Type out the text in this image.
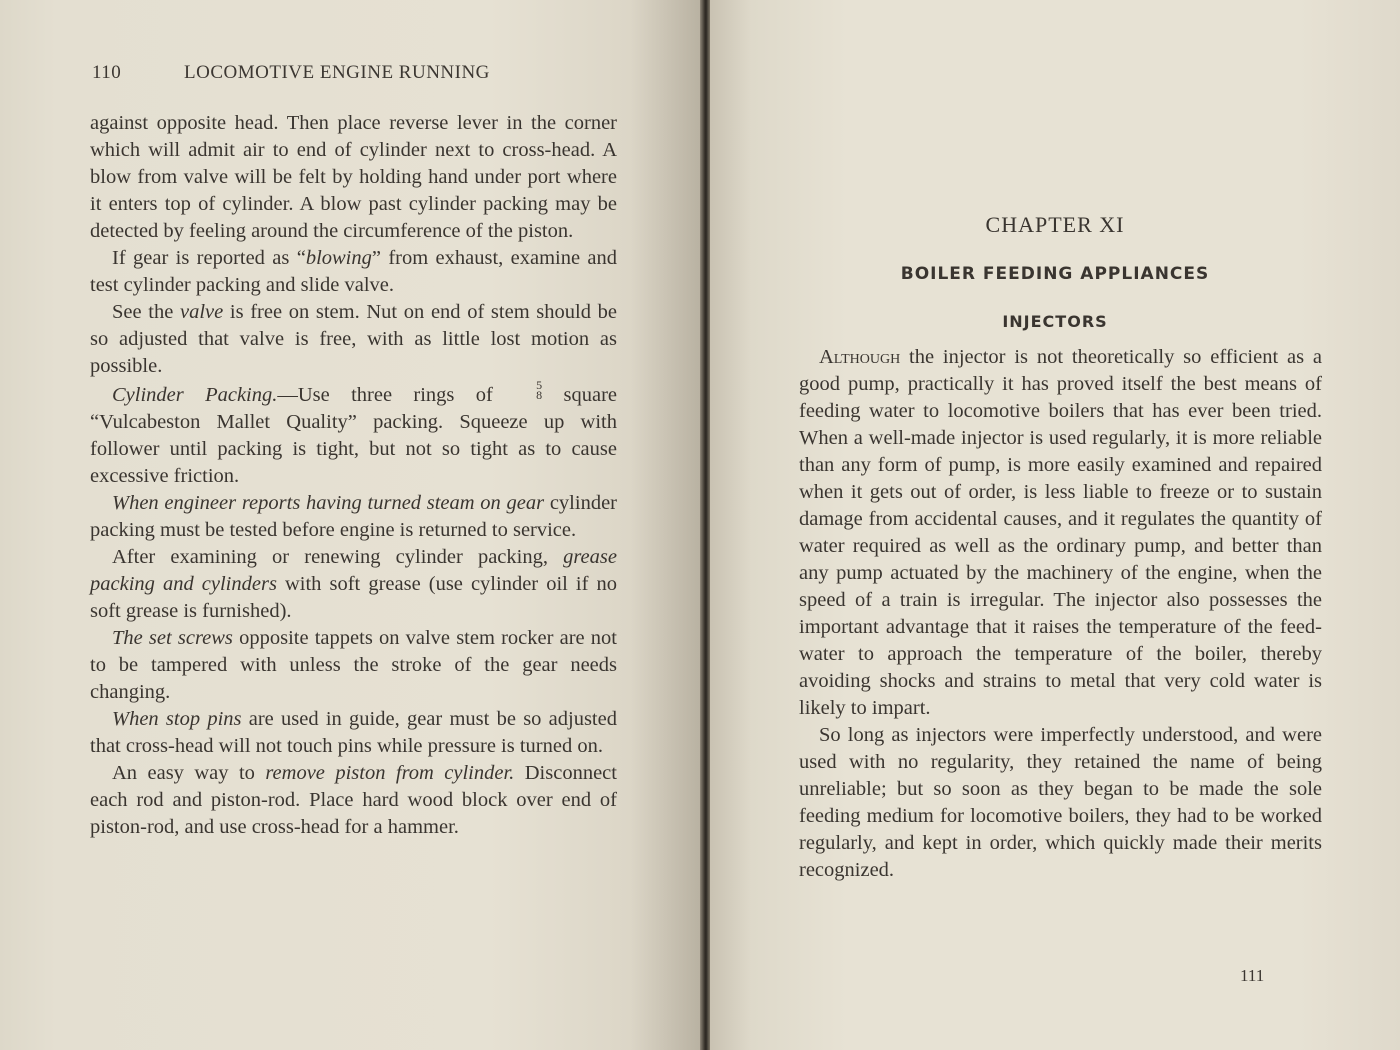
110	LOCOMOTIVE ENGINE RUNNING

against opposite head. Then place reverse lever in the corner which will admit air to end of cylinder next to cross-head. A blow from valve will be felt by holding hand under port where it enters top of cylinder. A blow past cylinder packing may be detected by feeling around the circumference of the piston.

If gear is reported as “blowing” from exhaust, examine and test cylinder packing and slide valve.

See the valve is free on stem. Nut on end of stem should be so adjusted that valve is free, with as little lost motion as possible.

Cylinder Packing.—Use three rings of	5
8 square “Vulcabeston Mallet Quality” packing. Squeeze up with follower until packing is tight, but not so tight as to cause excessive friction.

When engineer reports having turned steam on gear cylinder packing must be tested before engine is returned to service.

After examining or renewing cylinder packing, grease packing and cylinders with soft grease (use cylinder oil if no soft grease is furnished).

The set screws opposite tappets on valve stem rocker are not to be tampered with unless the stroke of the gear needs changing.

When stop pins are used in guide, gear must be so adjusted that cross-head will not touch pins while pressure is turned on.

An easy way to remove piston from cylinder. Disconnect each rod and piston-rod. Place hard wood block over end of piston-rod, and use cross-head for a hammer.

CHAPTER XI
BOILER FEEDING APPLIANCES
INJECTORS

Although the injector is not theoretically so efficient as a good pump, practically it has proved itself the best means of feeding water to locomotive boilers that has ever been tried. When a well-made injector is used regularly, it is more reliable than any form of pump, is more easily examined and repaired when it gets out of order, is less liable to freeze or to sustain damage from accidental causes, and it regulates the quantity of water required as well as the ordinary pump, and better than any pump actuated by the machinery of the engine, when the speed of a train is irregular. The injector also possesses the important advantage that it raises the temperature of the feed-water to approach the temperature of the boiler, thereby avoiding shocks and strains to metal that very cold water is likely to impart.

So long as injectors were imperfectly understood, and were used with no regularity, they retained the name of being unreliable; but so soon as they began to be made the sole feeding medium for locomotive boilers, they had to be worked regularly, and kept in order, which quickly made their merits recognized.

111
